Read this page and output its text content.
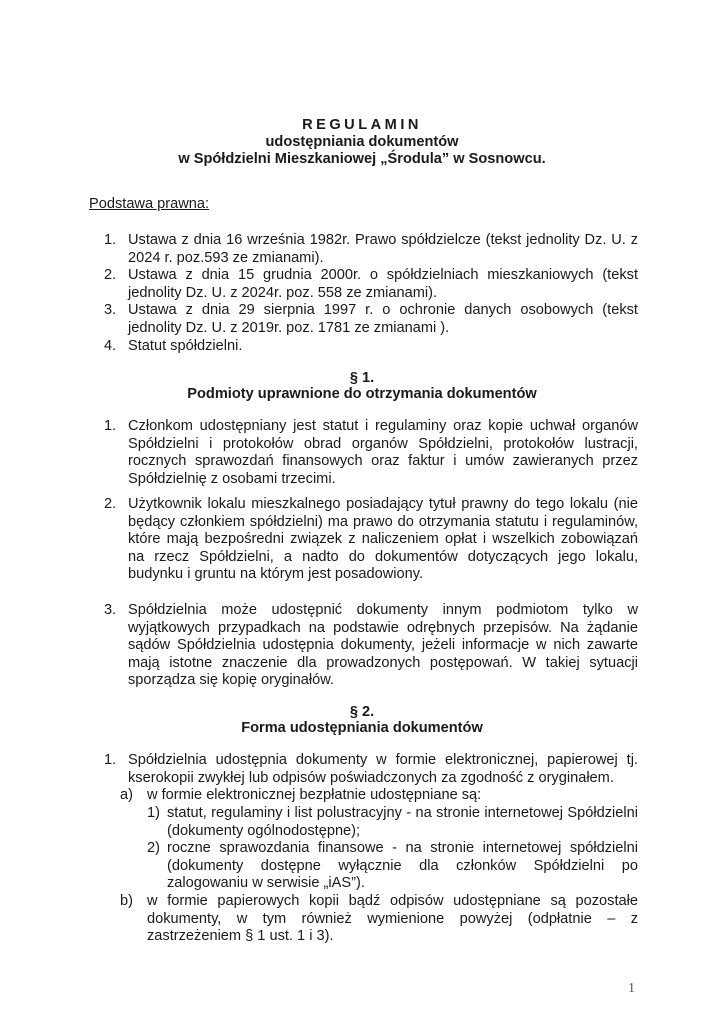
REGULAMIN
udostępniania dokumentów
w Spółdzielni Mieszkaniowej „Środula” w Sosnowcu.
Podstawa prawna:
1. Ustawa z dnia 16 września 1982r. Prawo spółdzielcze (tekst jednolity Dz. U. z 2024 r. poz.593 ze zmianami).
2. Ustawa z dnia 15 grudnia 2000r. o spółdzielniach mieszkaniowych (tekst jednolity Dz. U. z 2024r. poz. 558 ze zmianami).
3. Ustawa z dnia 29 sierpnia 1997 r. o ochronie danych osobowych (tekst jednolity Dz. U. z 2019r. poz. 1781 ze zmianami ).
4. Statut spółdzielni.
§ 1.
Podmioty uprawnione do otrzymania dokumentów
1. Członkom udostępniany jest statut i regulaminy oraz kopie uchwał organów Spółdzielni i protokołów obrad organów Spółdzielni, protokołów lustracji, rocznych sprawozdań finansowych oraz faktur i umów zawieranych przez Spółdzielnię z osobami trzecimi.
2. Użytkownik lokalu mieszkalnego posiadający tytuł prawny do tego lokalu (nie będący członkiem spółdzielni) ma prawo do otrzymania statutu i regulaminów, które mają bezpośredni związek z naliczeniem opłat i wszelkich zobowiązań na rzecz Spółdzielni, a nadto do dokumentów dotyczących jego lokalu, budynku i gruntu na którym jest posadowiony.
3. Spółdzielnia może udostępnić dokumenty innym podmiotom tylko w wyjątkowych przypadkach na podstawie odrębnych przepisów. Na żądanie sądów Spółdzielnia udostępnia dokumenty, jeżeli informacje w nich zawarte mają istotne znaczenie dla prowadzonych postępowań. W takiej sytuacji sporządza się kopię oryginałów.
§ 2.
Forma udostępniania dokumentów
1. Spółdzielnia udostępnia dokumenty w formie elektronicznej, papierowej tj. kserokopii zwykłej lub odpisów poświadczonych za zgodność z oryginałem.
a) w formie elektronicznej bezpłatnie udostępniane są:
1) statut, regulaminy i list polustracyjny - na stronie internetowej Spółdzielni (dokumenty ogólnodostępne);
2) roczne sprawozdania finansowe - na stronie internetowej spółdzielni (dokumenty dostępne wyłącznie dla członków Spółdzielni po zalogowaniu w serwisie „iAS”).
b) w formie papierowych kopii bądź odpisów udostępniane są pozostałe dokumenty, w tym również wymienione powyżej (odpłatnie – z zastrzeżeniem § 1 ust. 1 i 3).
1
